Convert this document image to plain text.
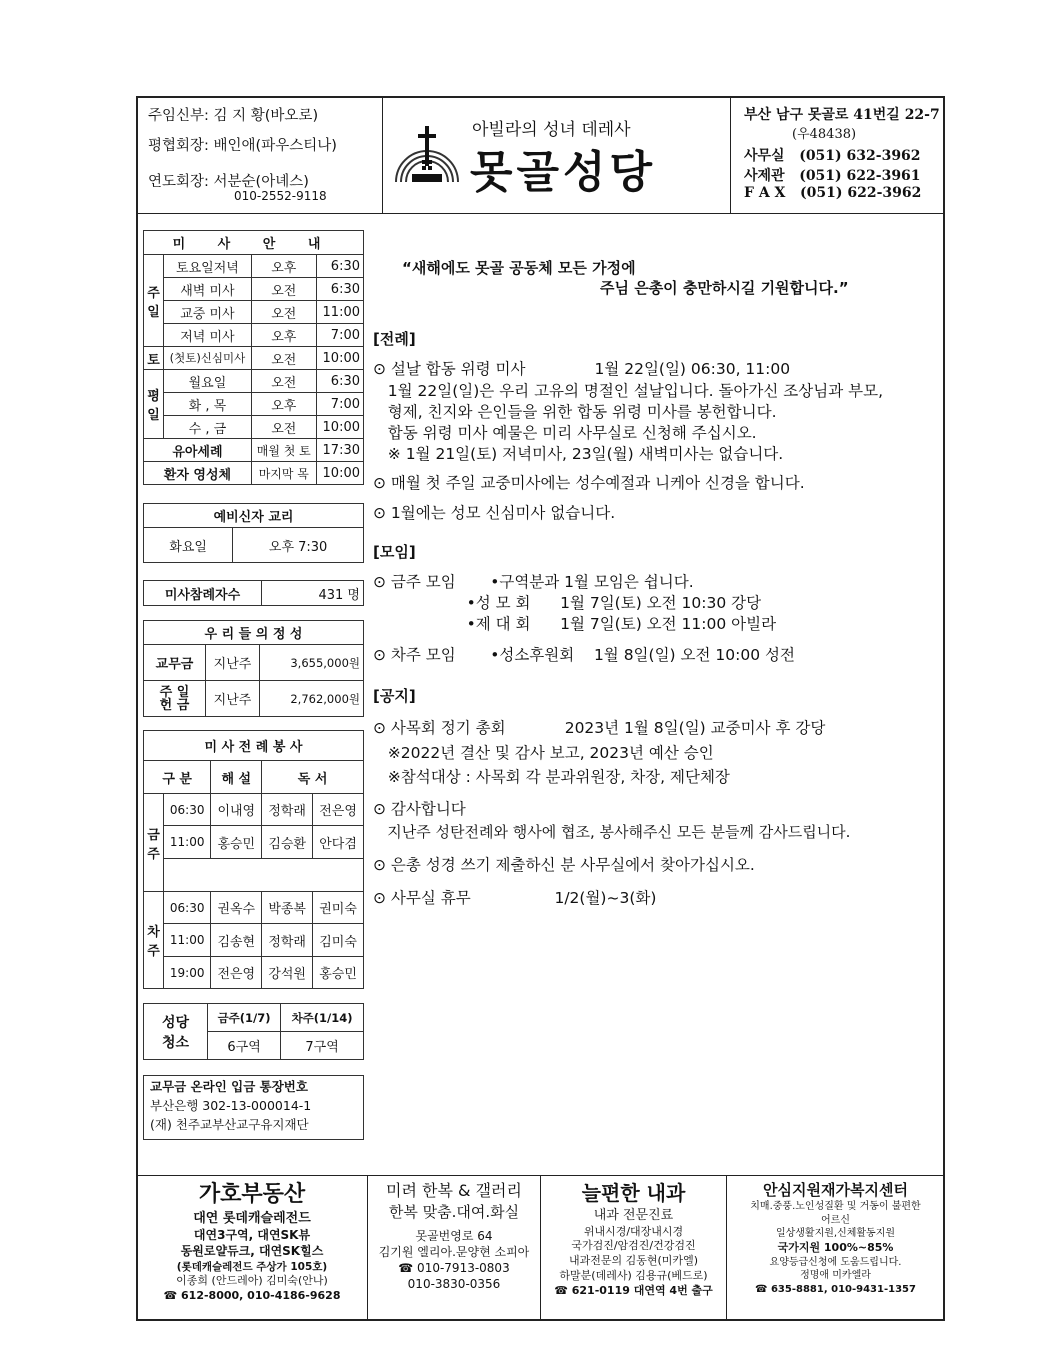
주임신부: 김 지 황(바오로)
평협회장: 배인애(파우스티나)
연도회장: 서분순(아녜스)
010-2552-9118
아빌라의 성녀 데레사
못골성당
부산 남구 못골로 41번길 22-7
(우48438)
사무실   (051) 632-3962
사제관   (051) 622-3961
F A X   (051) 622-3962
미 사 안 내			
주일	토요일저녁	오후	6:30
	새벽 미사	오전	6:30
	교중 미사	오전	11:00
	저녁 미사	오후	7:00
토	(첫토)신심미사	오전	10:00
평일	월요일	오전	6:30
	화 , 목	오후	7:00
	수 , 금	오전	10:00
유아세례		매월 첫 토	17:30
환자 영성체		마지막 목	10:00
예비신자 교리
화요일	오후 7:30
미사참례자수	431 명
우 리 들 의 정 성		
교무금	지난주	3,655,000원
주 일
헌 금	지난주	2,762,000원
미 사 전 례 봉 사				
구 분		해 설	독 서	
금주	06:30	이내영	정학래	전은영
	11:00	홍승민	김승환	안다겸

차주	06:30	권옥수	박종복	권미숙
	11:00	김송현	정학래	김미숙
	19:00	전은영	강석원	홍승민
성당 청소	금주(1/7)	차주(1/14)
	6구역	7구역
교무금 온라인 입금 통장번호
부산은행 302-13-000014-1
(재) 천주교부산교구유지재단
“새해에도 못골 공동체 모든 가정에
주님 은총이 충만하시길 기원합니다.”
[전례]
⊙ 설날 합동 위령 미사              1월 22일(일) 06:30, 11:00
1월 22일(일)은 우리 고유의 명절인 설날입니다. 돌아가신 조상님과 부모,
형제, 친지와 은인들을 위한 합동 위령 미사를 봉헌합니다.
합동 위령 미사 예물은 미리 사무실로 신청해 주십시오.
※ 1월 21일(토) 저녁미사, 23일(월) 새벽미사는 없습니다.
⊙ 매월 첫 주일 교중미사에는 성수예절과 니케아 신경을 합니다.
⊙ 1월에는 성모 신심미사 없습니다.
[모임]
⊙ 금주 모임       •구역분과 1월 모임은 쉽니다.
•성 모 회      1월 7일(토) 오전 10:30 강당
•제 대 회      1월 7일(토) 오전 11:00 아빌라
⊙ 차주 모임       •성소후원회    1월 8일(일) 오전 10:00 성전
[공지]
⊙ 사목회 정기 총회            2023년 1월 8일(일) 교중미사 후 강당
※2022년 결산 및 감사 보고, 2023년 예산 승인
※참석대상 : 사목회 각 분과위원장, 차장, 제단체장
⊙ 감사합니다
지난주 성탄전례와 행사에 협조, 봉사해주신 모든 분들께 감사드립니다.
⊙ 은총 성경 쓰기 제출하신 분 사무실에서 찾아가십시오.
⊙ 사무실 휴무                 1/2(월)~3(화)
가호부동산
대연 롯데캐슬레전드
대연3구역, 대연SK뷰
동원로얄듀크, 대연SK힐스
(롯데캐슬레전드 주상가 105호)
이종희 (안드레아) 김미숙(안나)
☎ 612-8000, 010-4186-9628
미려 한복 & 갤러리
한복 맞춤.대여.화실
못골번영로 64
김기원 엘리아.문양현 소피아
☎ 010-7913-0803
010-3830-0356
늘편한 내과
내과 전문진료
위내시경/대장내시경
국가검진/암검진/건강검진
내과전문의 김동현(미카엘)
하말분(데레사) 김용규(베드로)
☎ 621-0119 대연역 4번 출구
안심지원재가복지센터
치매.중풍.노인성질환 및 거동이 불편한
어르신
일상생활지원,신체활동지원
국가지원 100%~85%
요양등급신청에 도움드립니다.
정명애 미카엘라
☎ 635-8881, 010-9431-1357
